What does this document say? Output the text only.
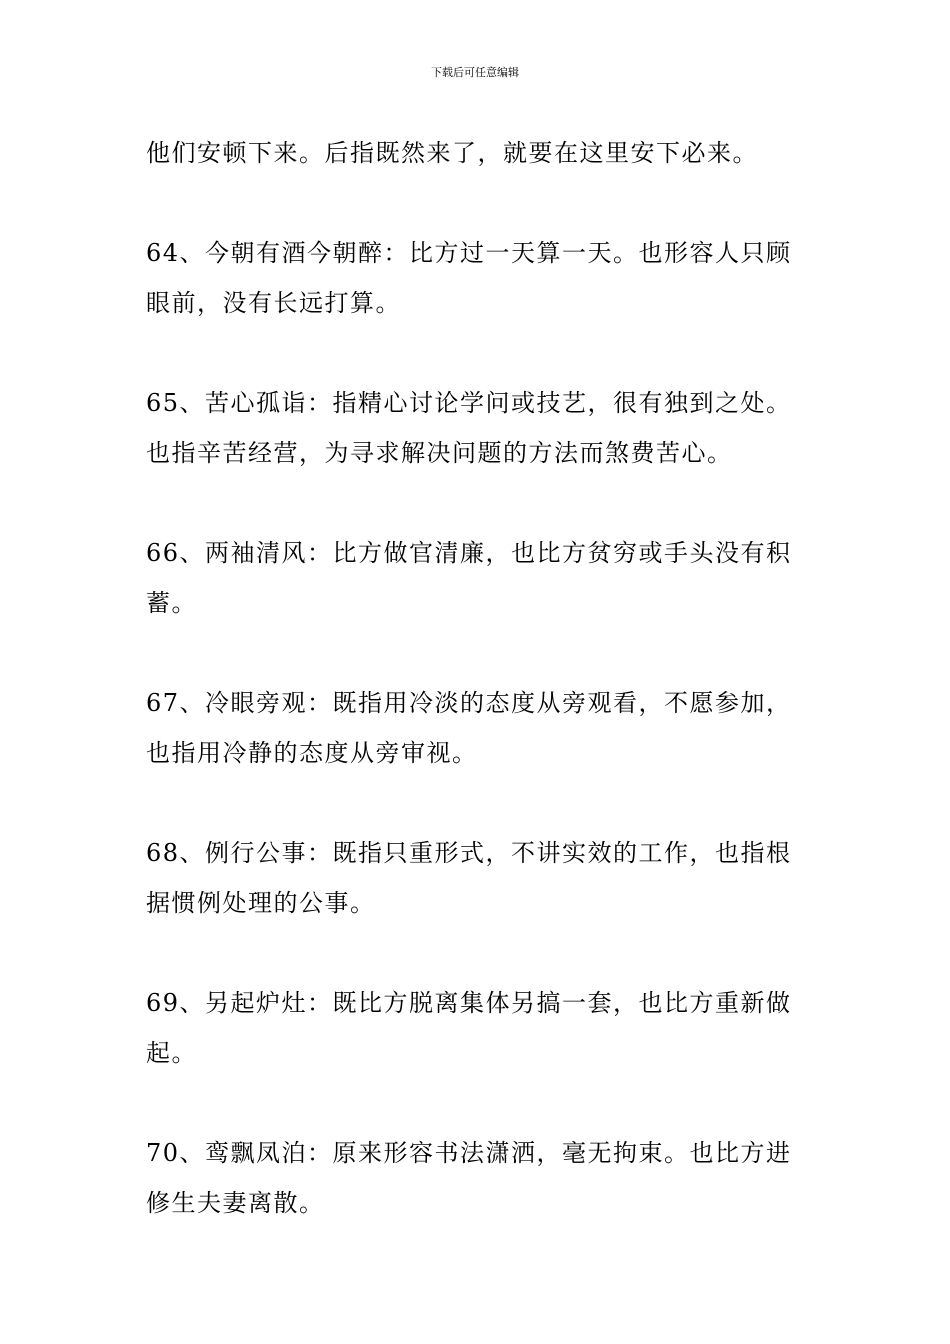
下载后可任意编辑

他们安顿下来。后指既然来了，就要在这里安下必来。

64、今朝有酒今朝醉：比方过一天算一天。也形容人只顾
眼前，没有长远打算。

65、苦心孤诣：指精心讨论学问或技艺，很有独到之处。
也指辛苦经营，为寻求解决问题的方法而煞费苦心。

66、两袖清风：比方做官清廉，也比方贫穷或手头没有积
蓄。

67、冷眼旁观：既指用冷淡的态度从旁观看，不愿参加，
也指用冷静的态度从旁审视。

68、例行公事：既指只重形式，不讲实效的工作，也指根
据惯例处理的公事。

69、另起炉灶：既比方脱离集体另搞一套，也比方重新做
起。

70、鸾飘凤泊：原来形容书法潇洒，毫无拘束。也比方进
修生夫妻离散。
